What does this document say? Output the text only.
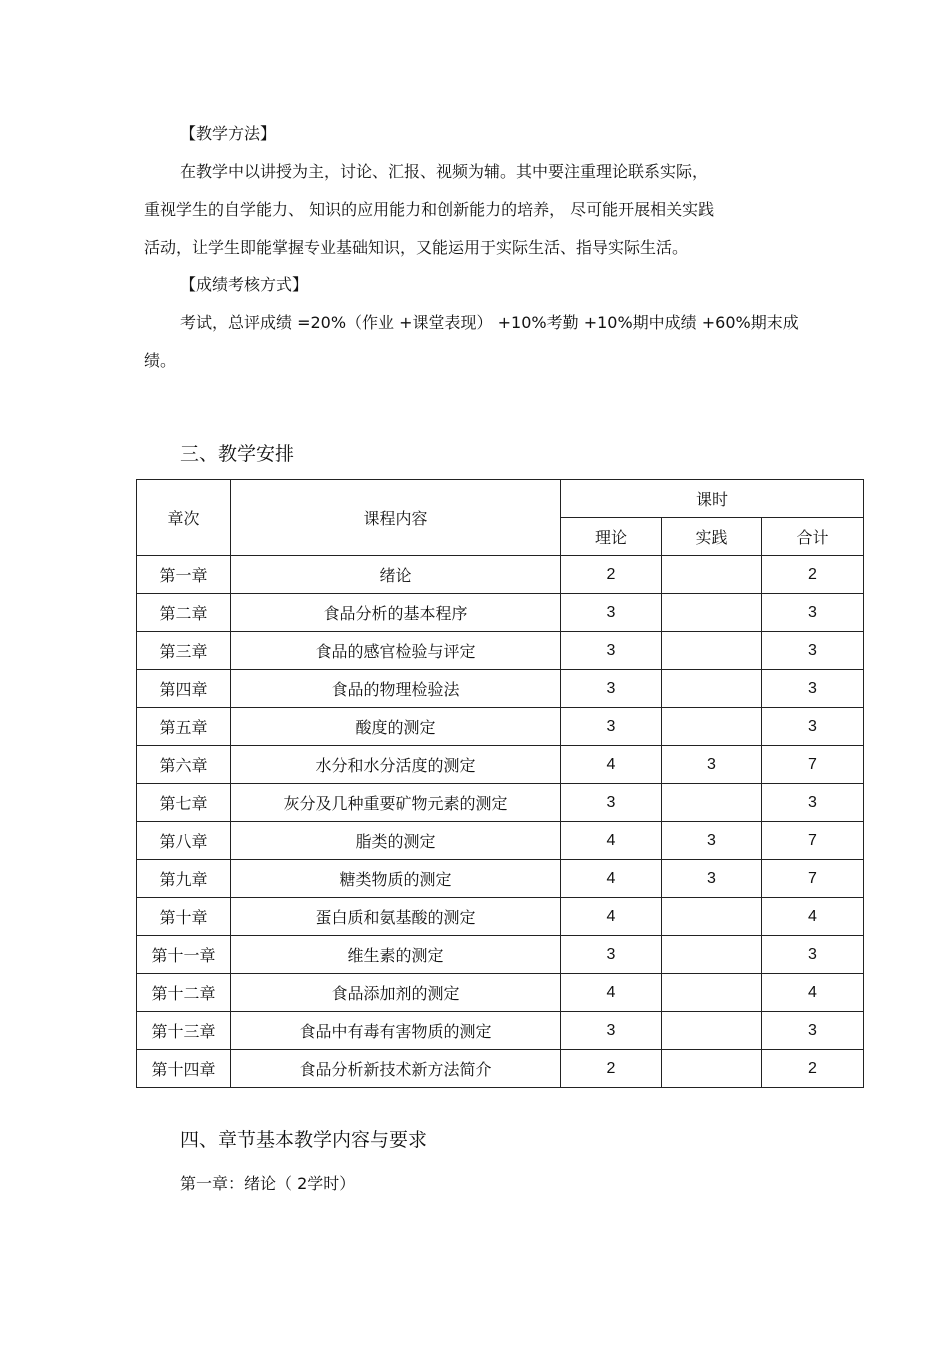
【教学方法】
在教学中以讲授为主，讨论、汇报、视频为辅。其中要注重理论联系实际，
重视学生的自学能力、 知识的应用能力和创新能力的培养， 尽可能开展相关实践
活动，让学生即能掌握专业基础知识，又能运用于实际生活、指导实际生活。
【成绩考核方式】
考试，总评成绩 =20%（作业 +课堂表现） +10%考勤 +10%期中成绩 +60%期末成
绩。
三、教学安排
章次	课程内容	课时		
		理论	实践	合计
第一章	绪论	2		2
第二章	食品分析的基本程序	3		3
第三章	食品的感官检验与评定	3		3
第四章	食品的物理检验法	3		3
第五章	酸度的测定	3		3
第六章	水分和水分活度的测定	4	3	7
第七章	灰分及几种重要矿物元素的测定	3		3
第八章	脂类的测定	4	3	7
第九章	糖类物质的测定	4	3	7
第十章	蛋白质和氨基酸的测定	4		4
第十一章	维生素的测定	3		3
第十二章	食品添加剂的测定	4		4
第十三章	食品中有毒有害物质的测定	3		3
第十四章	食品分析新技术新方法简介	2		2
四、章节基本教学内容与要求
第一章：绪论（ 2学时）
